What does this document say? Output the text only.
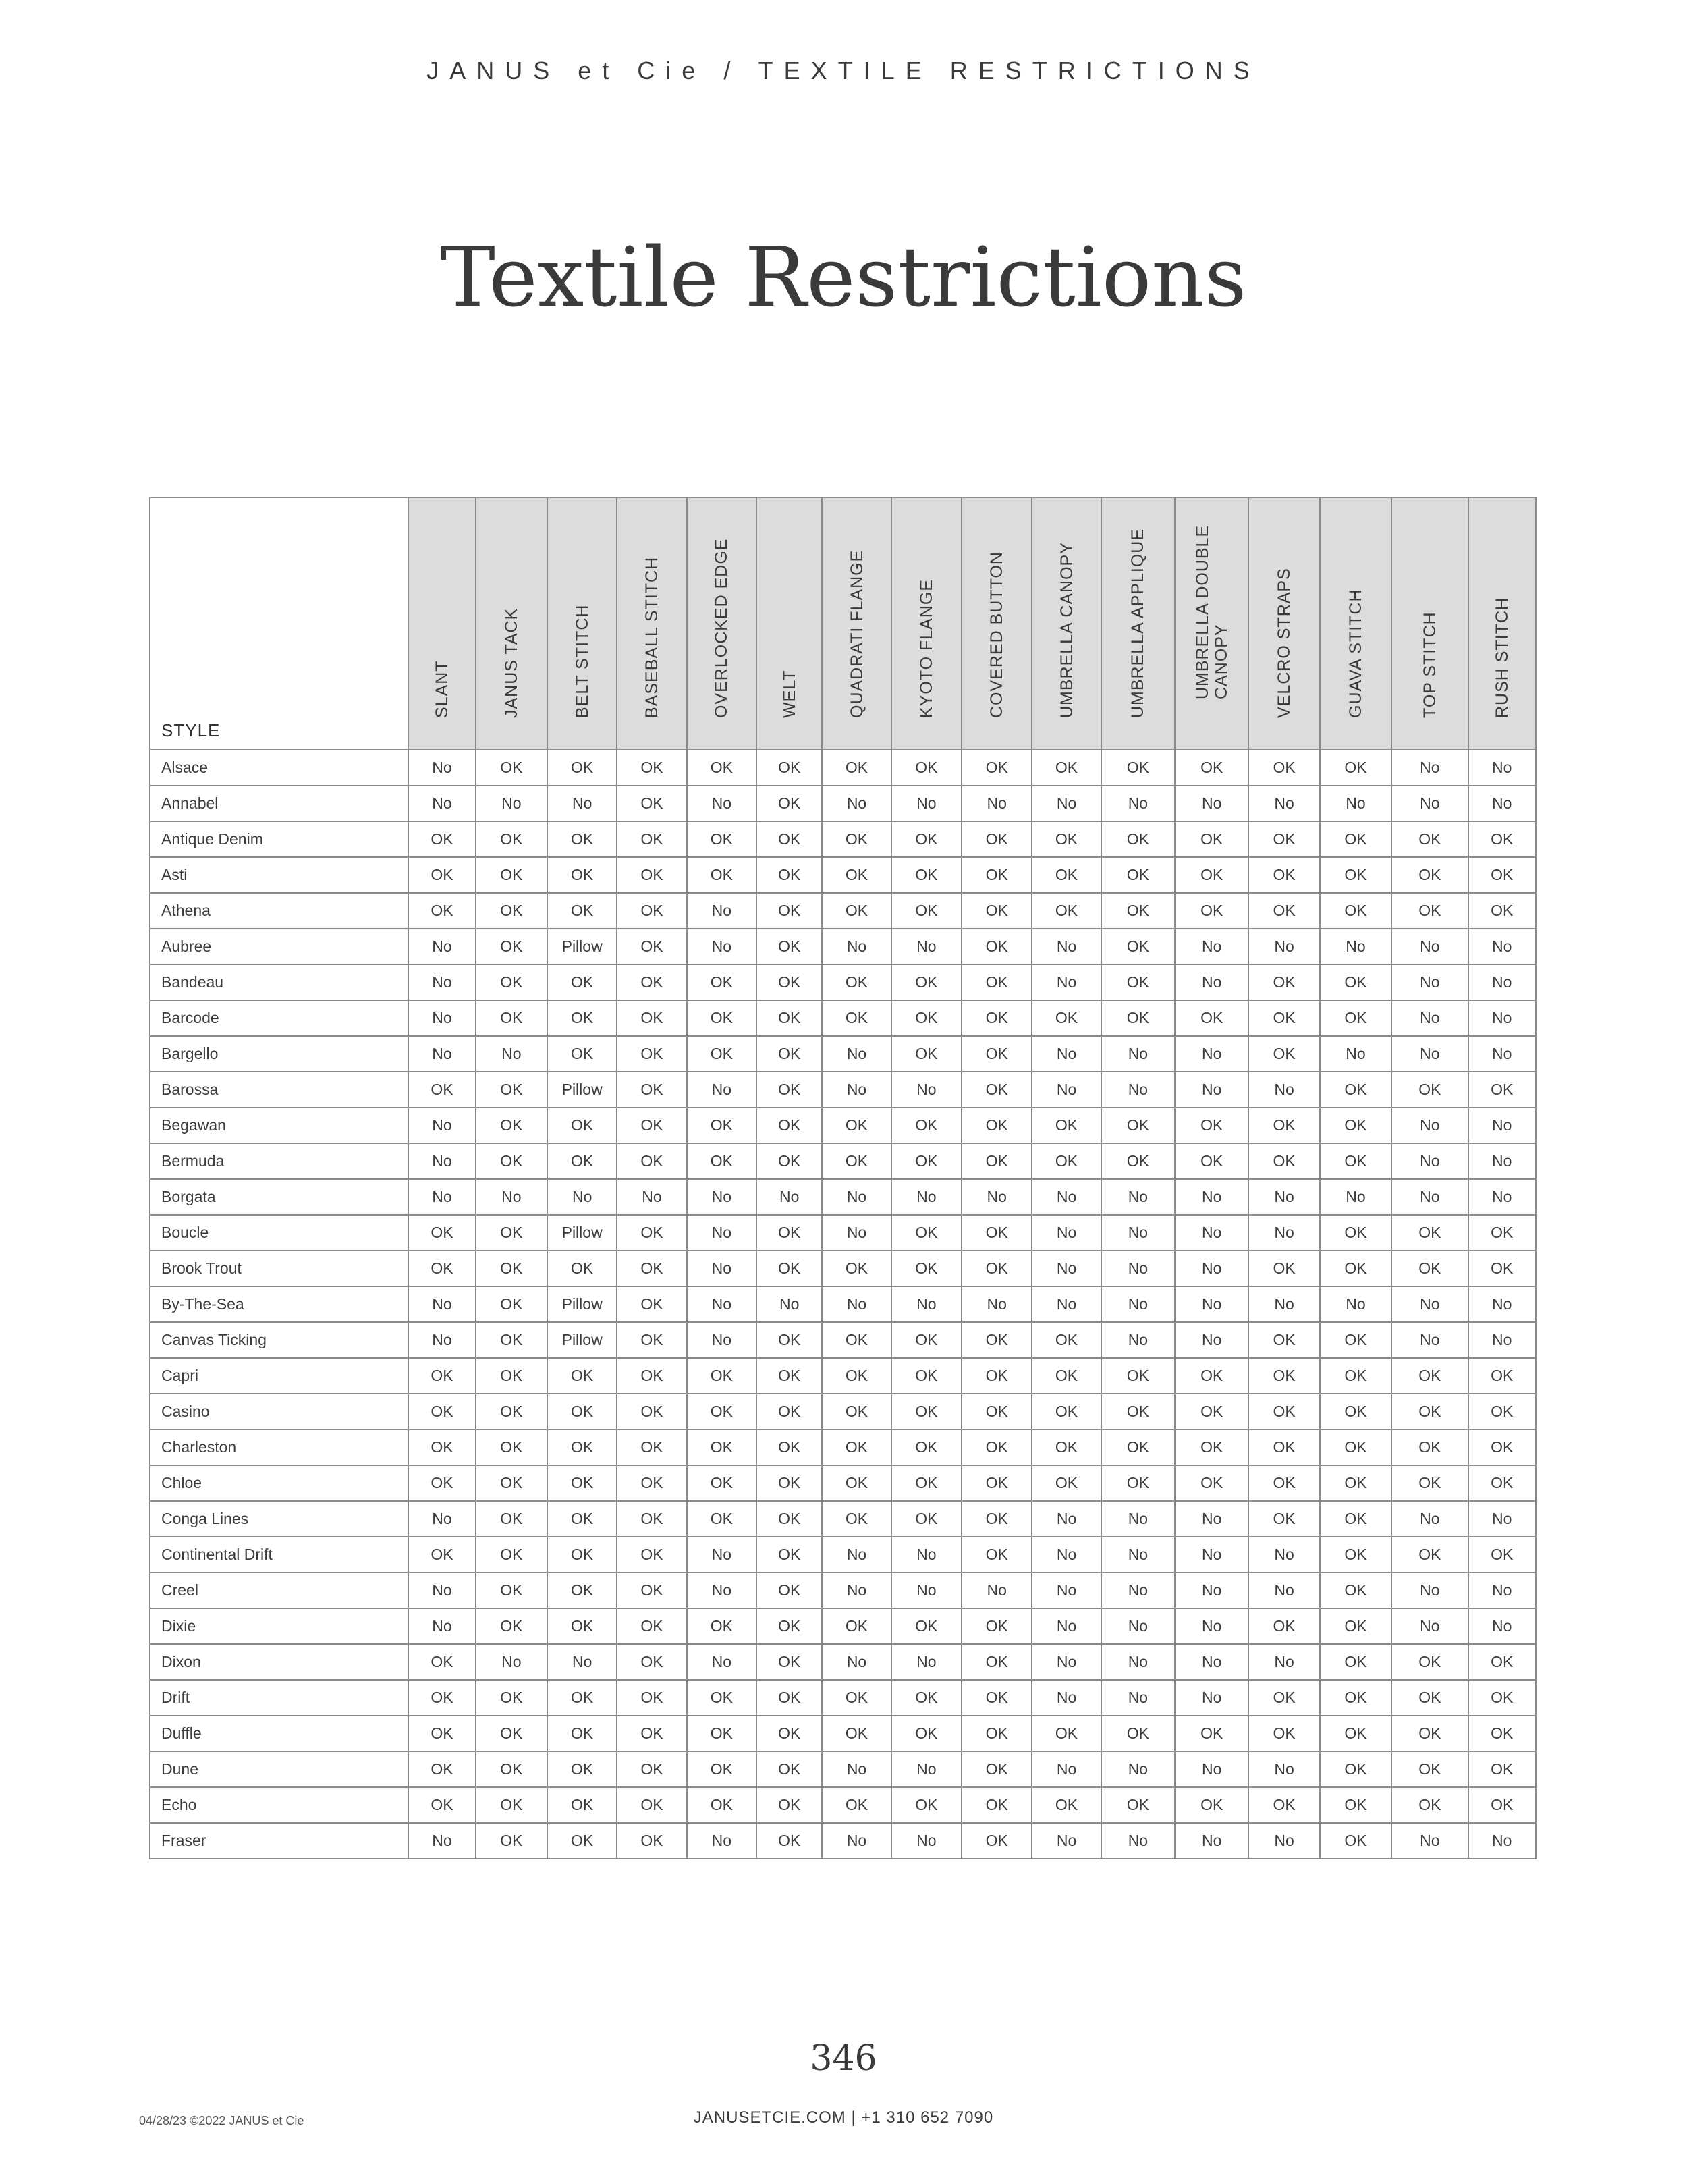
JANUS et Cie / TEXTILE RESTRICTIONS
Textile Restrictions
STYLE	SLANT	JANUS TACK	BELT STITCH	BASEBALL STITCH	OVERLOCKED EDGE	WELT	QUADRATI FLANGE	KYOTO FLANGE	COVERED BUTTON	UMBRELLA CANOPY	UMBRELLA APPLIQUE	UMBRELLA DOUBLE CANOPY	VELCRO STRAPS	GUAVA STITCH	TOP STITCH	RUSH STITCH

Alsace	No	OK	OK	OK	OK	OK	OK	OK	OK	OK	OK	OK	OK	OK	No	No
Annabel	No	No	No	OK	No	OK	No	No	No	No	No	No	No	No	No	No
Antique Denim	OK	OK	OK	OK	OK	OK	OK	OK	OK	OK	OK	OK	OK	OK	OK	OK
Asti	OK	OK	OK	OK	OK	OK	OK	OK	OK	OK	OK	OK	OK	OK	OK	OK
Athena	OK	OK	OK	OK	No	OK	OK	OK	OK	OK	OK	OK	OK	OK	OK	OK
Aubree	No	OK	Pillow	OK	No	OK	No	No	OK	No	OK	No	No	No	No	No
Bandeau	No	OK	OK	OK	OK	OK	OK	OK	OK	No	OK	No	OK	OK	No	No
Barcode	No	OK	OK	OK	OK	OK	OK	OK	OK	OK	OK	OK	OK	OK	No	No
Bargello	No	No	OK	OK	OK	OK	No	OK	OK	No	No	No	OK	No	No	No
Barossa	OK	OK	Pillow	OK	No	OK	No	No	OK	No	No	No	No	OK	OK	OK
Begawan	No	OK	OK	OK	OK	OK	OK	OK	OK	OK	OK	OK	OK	OK	No	No
Bermuda	No	OK	OK	OK	OK	OK	OK	OK	OK	OK	OK	OK	OK	OK	No	No
Borgata	No	No	No	No	No	No	No	No	No	No	No	No	No	No	No	No
Boucle	OK	OK	Pillow	OK	No	OK	No	OK	OK	No	No	No	No	OK	OK	OK
Brook Trout	OK	OK	OK	OK	No	OK	OK	OK	OK	No	No	No	OK	OK	OK	OK
By-The-Sea	No	OK	Pillow	OK	No	No	No	No	No	No	No	No	No	No	No	No
Canvas Ticking	No	OK	Pillow	OK	No	OK	OK	OK	OK	OK	No	No	OK	OK	No	No
Capri	OK	OK	OK	OK	OK	OK	OK	OK	OK	OK	OK	OK	OK	OK	OK	OK
Casino	OK	OK	OK	OK	OK	OK	OK	OK	OK	OK	OK	OK	OK	OK	OK	OK
Charleston	OK	OK	OK	OK	OK	OK	OK	OK	OK	OK	OK	OK	OK	OK	OK	OK
Chloe	OK	OK	OK	OK	OK	OK	OK	OK	OK	OK	OK	OK	OK	OK	OK	OK
Conga Lines	No	OK	OK	OK	OK	OK	OK	OK	OK	No	No	No	OK	OK	No	No
Continental Drift	OK	OK	OK	OK	No	OK	No	No	OK	No	No	No	No	OK	OK	OK
Creel	No	OK	OK	OK	No	OK	No	No	No	No	No	No	No	OK	No	No
Dixie	No	OK	OK	OK	OK	OK	OK	OK	OK	No	No	No	OK	OK	No	No
Dixon	OK	No	No	OK	No	OK	No	No	OK	No	No	No	No	OK	OK	OK
Drift	OK	OK	OK	OK	OK	OK	OK	OK	OK	No	No	No	OK	OK	OK	OK
Duffle	OK	OK	OK	OK	OK	OK	OK	OK	OK	OK	OK	OK	OK	OK	OK	OK
Dune	OK	OK	OK	OK	OK	OK	No	No	OK	No	No	No	No	OK	OK	OK
Echo	OK	OK	OK	OK	OK	OK	OK	OK	OK	OK	OK	OK	OK	OK	OK	OK
Fraser	No	OK	OK	OK	No	OK	No	No	OK	No	No	No	No	OK	No	No
346
04/28/23 ©2022 JANUS et Cie	JANUSETCIE.COM | +1 310 652 7090
